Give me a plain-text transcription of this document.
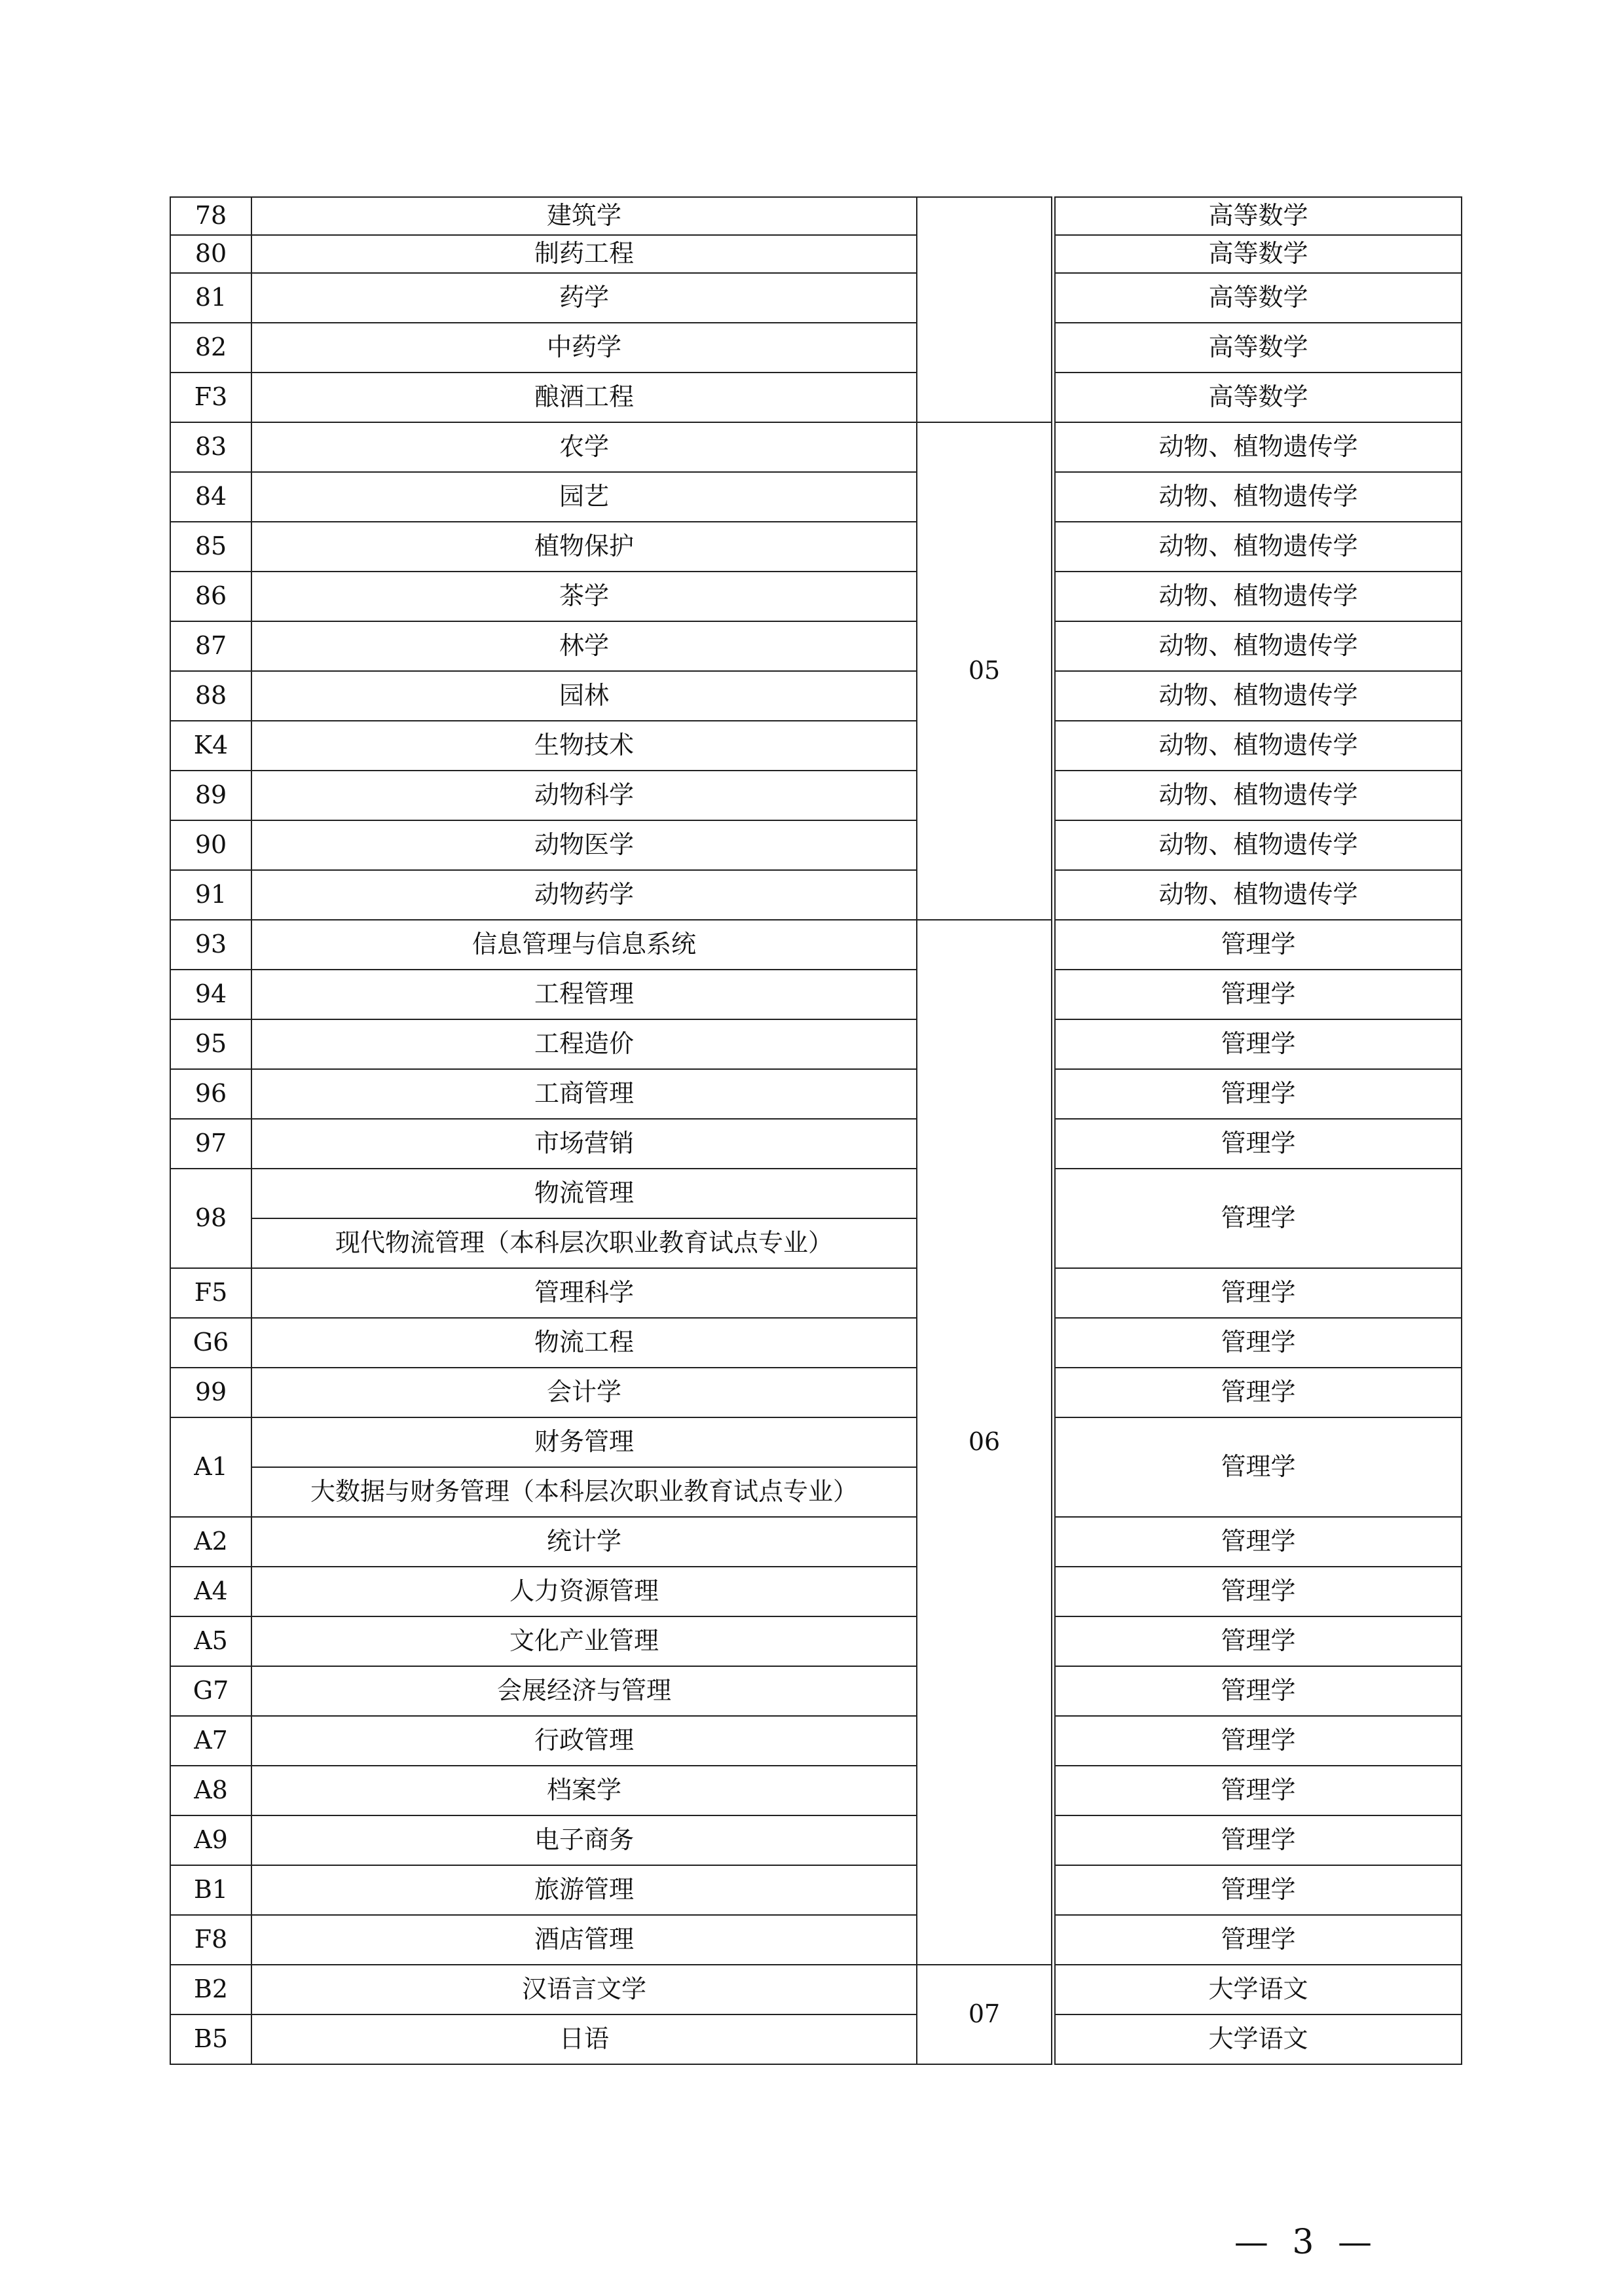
78	建筑学			高等数学
80	制药工程			高等数学
81	药学			高等数学
82	中药学			高等数学
F3	酿酒工程			高等数学
83	农学	05		动物、植物遗传学
84	园艺			动物、植物遗传学
85	植物保护			动物、植物遗传学
86	茶学			动物、植物遗传学
87	林学			动物、植物遗传学
88	园林			动物、植物遗传学
K4	生物技术			动物、植物遗传学
89	动物科学			动物、植物遗传学
90	动物医学			动物、植物遗传学
91	动物药学			动物、植物遗传学
93	信息管理与信息系统	06		管理学
94	工程管理			管理学
95	工程造价			管理学
96	工商管理			管理学
97	市场营销			管理学
98	物流管理			管理学
	现代物流管理（本科层次职业教育试点专业）			
F5	管理科学			管理学
G6	物流工程			管理学
99	会计学			管理学
A1	财务管理			管理学
	大数据与财务管理（本科层次职业教育试点专业）			
A2	统计学			管理学
A4	人力资源管理			管理学
A5	文化产业管理			管理学
G7	会展经济与管理			管理学
A7	行政管理			管理学
A8	档案学			管理学
A9	电子商务			管理学
B1	旅游管理			管理学
F8	酒店管理			管理学
B2	汉语言文学	07		大学语文
B5	日语			大学语文
— 3 —
